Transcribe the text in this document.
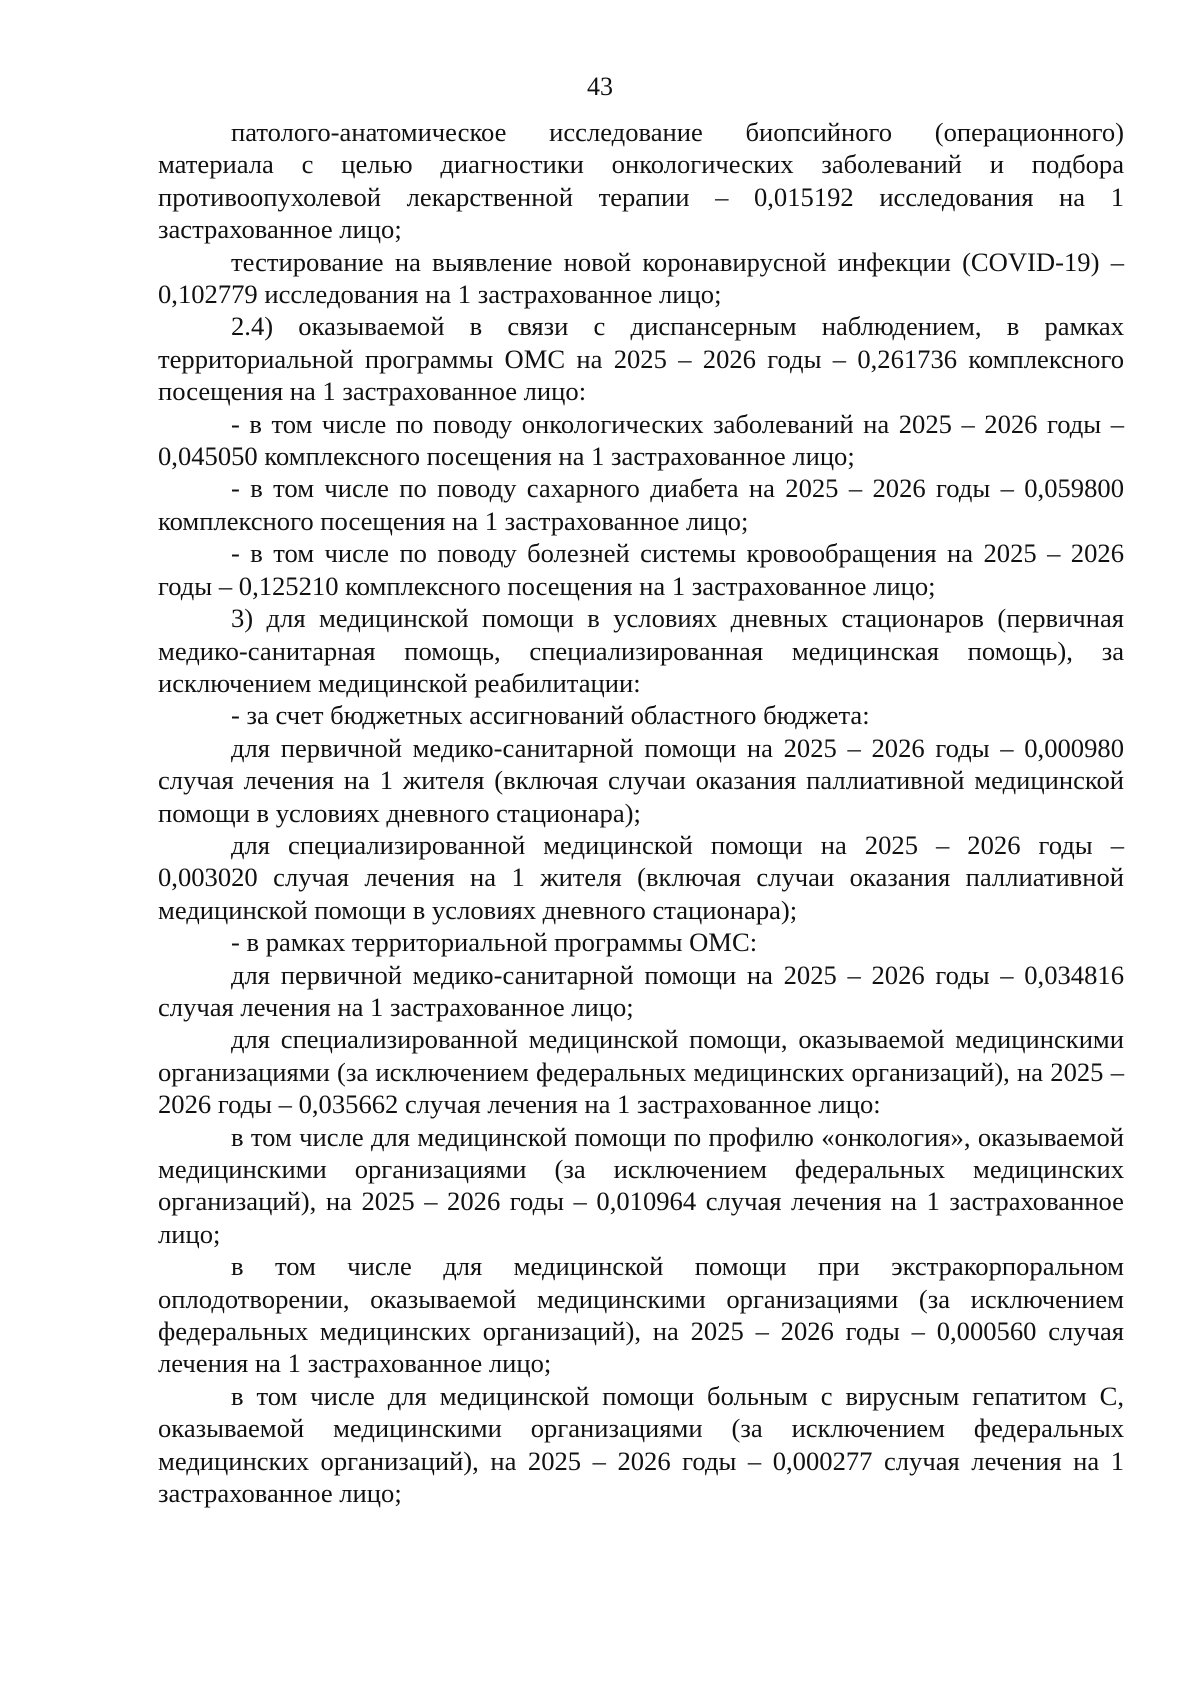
43

патолого-анатомическое исследование биопсийного (операционного) материала с целью диагностики онкологических заболеваний и подбора противоопухолевой лекарственной терапии – 0,015192 исследования на 1 застрахованное лицо;

тестирование на выявление новой коронавирусной инфекции (COVID-19) – 0,102779 исследования на 1 застрахованное лицо;

2.4) оказываемой в связи с диспансерным наблюдением, в рамках территориальной программы ОМС на 2025 – 2026 годы – 0,261736 комплексного посещения на 1 застрахованное лицо:

- в том числе по поводу онкологических заболеваний на 2025 – 2026 годы – 0,045050 комплексного посещения на 1 застрахованное лицо;

- в том числе по поводу сахарного диабета на 2025 – 2026 годы – 0,059800 комплексного посещения на 1 застрахованное лицо;

- в том числе по поводу болезней системы кровообращения на 2025 – 2026 годы – 0,125210 комплексного посещения на 1 застрахованное лицо;

3) для медицинской помощи в условиях дневных стационаров (первичная медико-санитарная помощь, специализированная медицинская помощь), за исключением медицинской реабилитации:

- за счет бюджетных ассигнований областного бюджета:

для первичной медико-санитарной помощи на 2025 – 2026 годы – 0,000980 случая лечения на 1 жителя (включая случаи оказания паллиативной медицинской помощи в условиях дневного стационара);

для специализированной медицинской помощи на 2025 – 2026 годы – 0,003020 случая лечения на 1 жителя (включая случаи оказания паллиативной медицинской помощи в условиях дневного стационара);

- в рамках территориальной программы ОМС:

для первичной медико-санитарной помощи на 2025 – 2026 годы – 0,034816 случая лечения на 1 застрахованное лицо;

для специализированной медицинской помощи, оказываемой медицинскими организациями (за исключением федеральных медицинских организаций), на 2025 – 2026 годы – 0,035662 случая лечения на 1 застрахованное лицо:

в том числе для медицинской помощи по профилю «онкология», оказываемой медицинскими организациями (за исключением федеральных медицинских организаций), на 2025 – 2026 годы – 0,010964 случая лечения на 1 застрахованное лицо;

в том числе для медицинской помощи при экстракорпоральном оплодотворении, оказываемой медицинскими организациями (за исключением федеральных медицинских организаций), на 2025 – 2026 годы – 0,000560 случая лечения на 1 застрахованное лицо;

в том числе для медицинской помощи больным с вирусным гепатитом С, оказываемой медицинскими организациями (за исключением федеральных медицинских организаций), на 2025 – 2026 годы – 0,000277 случая лечения на 1 застрахованное лицо;
